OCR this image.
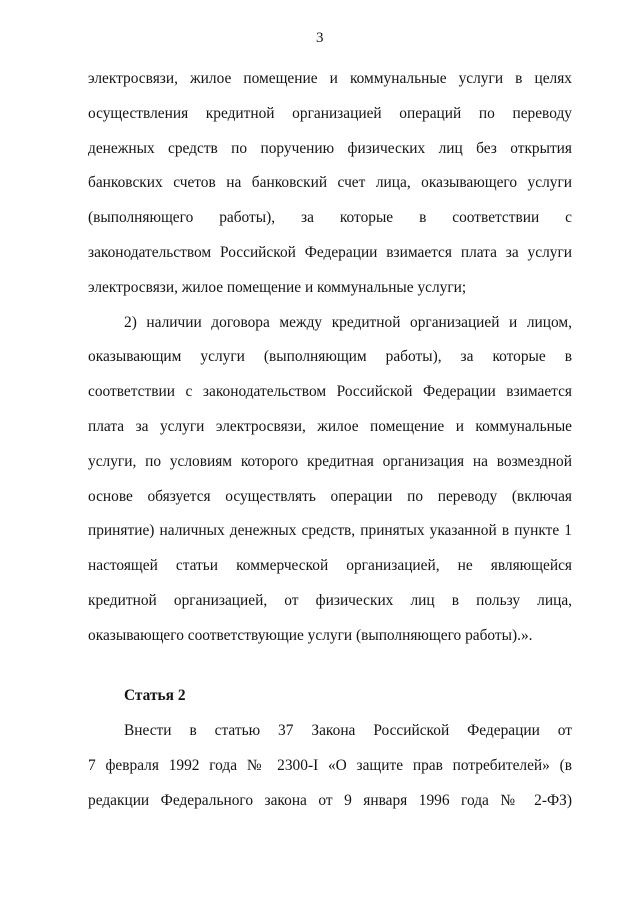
3
электросвязи, жилое помещение и коммунальные услуги в целях
осуществления кредитной организацией операций по переводу
денежных средств по поручению физических лиц без открытия
банковских счетов на банковский счет лица, оказывающего услуги
(выполняющего работы), за которые в соответствии с
законодательством Российской Федерации взимается плата за услуги
электросвязи, жилое помещение и коммунальные услуги;
2) наличии договора между кредитной организацией и лицом,
оказывающим услуги (выполняющим работы), за которые в
соответствии с законодательством Российской Федерации взимается
плата за услуги электросвязи, жилое помещение и коммунальные
услуги, по условиям которого кредитная организация на возмездной
основе обязуется осуществлять операции по переводу (включая
принятие) наличных денежных средств, принятых указанной в пункте 1
настоящей статьи коммерческой организацией, не являющейся
кредитной организацией, от физических лиц в пользу лица,
оказывающего соответствующие услуги (выполняющего работы).».
Статья 2
Внести в статью 37 Закона Российской Федерации от
7 февраля 1992 года № 2300-I «О защите прав потребителей» (в
редакции Федерального закона от 9 января 1996 года № 2-ФЗ)
